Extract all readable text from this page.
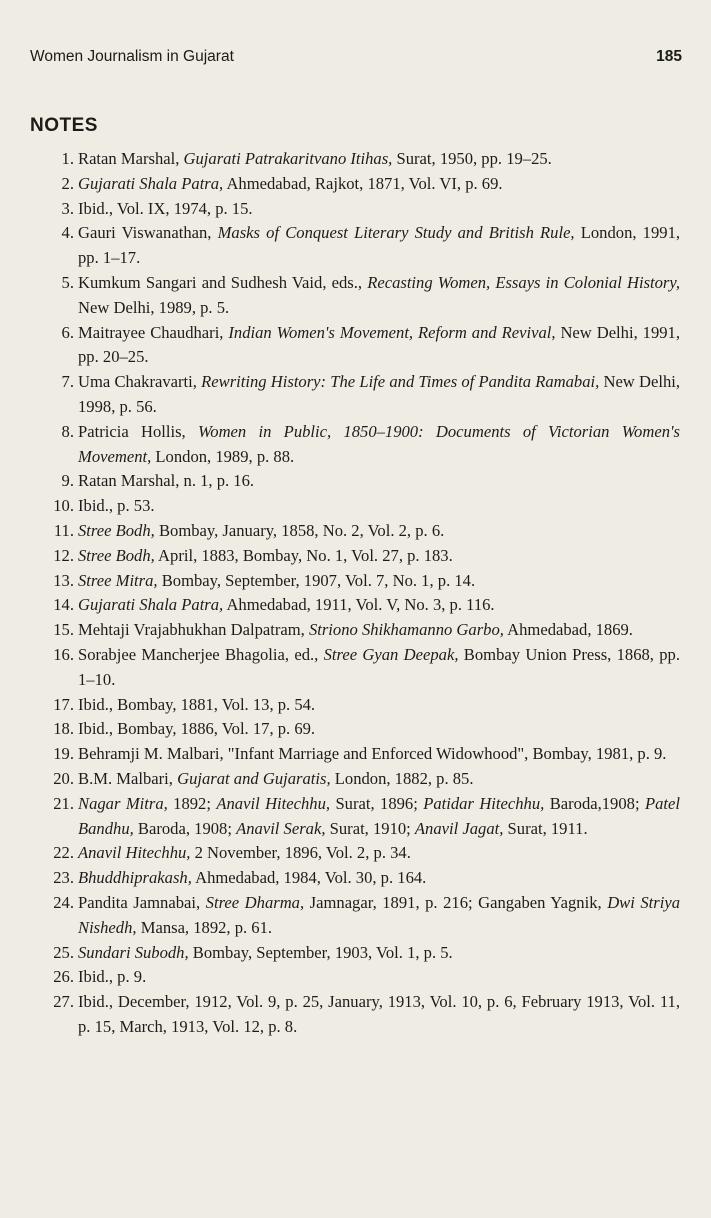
Women Journalism in Gujarat	185
NOTES
1. Ratan Marshal, Gujarati Patrakaritvano Itihas, Surat, 1950, pp. 19–25.
2. Gujarati Shala Patra, Ahmedabad, Rajkot, 1871, Vol. VI, p. 69.
3. Ibid., Vol. IX, 1974, p. 15.
4. Gauri Viswanathan, Masks of Conquest Literary Study and British Rule, London, 1991, pp. 1–17.
5. Kumkum Sangari and Sudhesh Vaid, eds., Recasting Women, Essays in Colonial History, New Delhi, 1989, p. 5.
6. Maitrayee Chaudhari, Indian Women's Movement, Reform and Revival, New Delhi, 1991, pp. 20–25.
7. Uma Chakravarti, Rewriting History: The Life and Times of Pandita Ramabai, New Delhi, 1998, p. 56.
8. Patricia Hollis, Women in Public, 1850–1900: Documents of Victorian Women's Movement, London, 1989, p. 88.
9. Ratan Marshal, n. 1, p. 16.
10. Ibid., p. 53.
11. Stree Bodh, Bombay, January, 1858, No. 2, Vol. 2, p. 6.
12. Stree Bodh, April, 1883, Bombay, No. 1, Vol. 27, p. 183.
13. Stree Mitra, Bombay, September, 1907, Vol. 7, No. 1, p. 14.
14. Gujarati Shala Patra, Ahmedabad, 1911, Vol. V, No. 3, p. 116.
15. Mehtaji Vrajabhukhan Dalpatram, Striono Shikhamanno Garbo, Ahmedabad, 1869.
16. Sorabjee Mancherjee Bhagolia, ed., Stree Gyan Deepak, Bombay Union Press, 1868, pp. 1–10.
17. Ibid., Bombay, 1881, Vol. 13, p. 54.
18. Ibid., Bombay, 1886, Vol. 17, p. 69.
19. Behramji M. Malbari, "Infant Marriage and Enforced Widowhood", Bombay, 1981, p. 9.
20. B.M. Malbari, Gujarat and Gujaratis, London, 1882, p. 85.
21. Nagar Mitra, 1892; Anavil Hitechhu, Surat, 1896; Patidar Hitechhu, Baroda,1908; Patel Bandhu, Baroda, 1908; Anavil Serak, Surat, 1910; Anavil Jagat, Surat, 1911.
22. Anavil Hitechhu, 2 November, 1896, Vol. 2, p. 34.
23. Bhuddhiprakash, Ahmedabad, 1984, Vol. 30, p. 164.
24. Pandita Jamnabai, Stree Dharma, Jamnagar, 1891, p. 216; Gangaben Yagnik, Dwi Striya Nishedh, Mansa, 1892, p. 61.
25. Sundari Subodh, Bombay, September, 1903, Vol. 1, p. 5.
26. Ibid., p. 9.
27. Ibid., December, 1912, Vol. 9, p. 25, January, 1913, Vol. 10, p. 6, February 1913, Vol. 11, p. 15, March, 1913, Vol. 12, p. 8.
